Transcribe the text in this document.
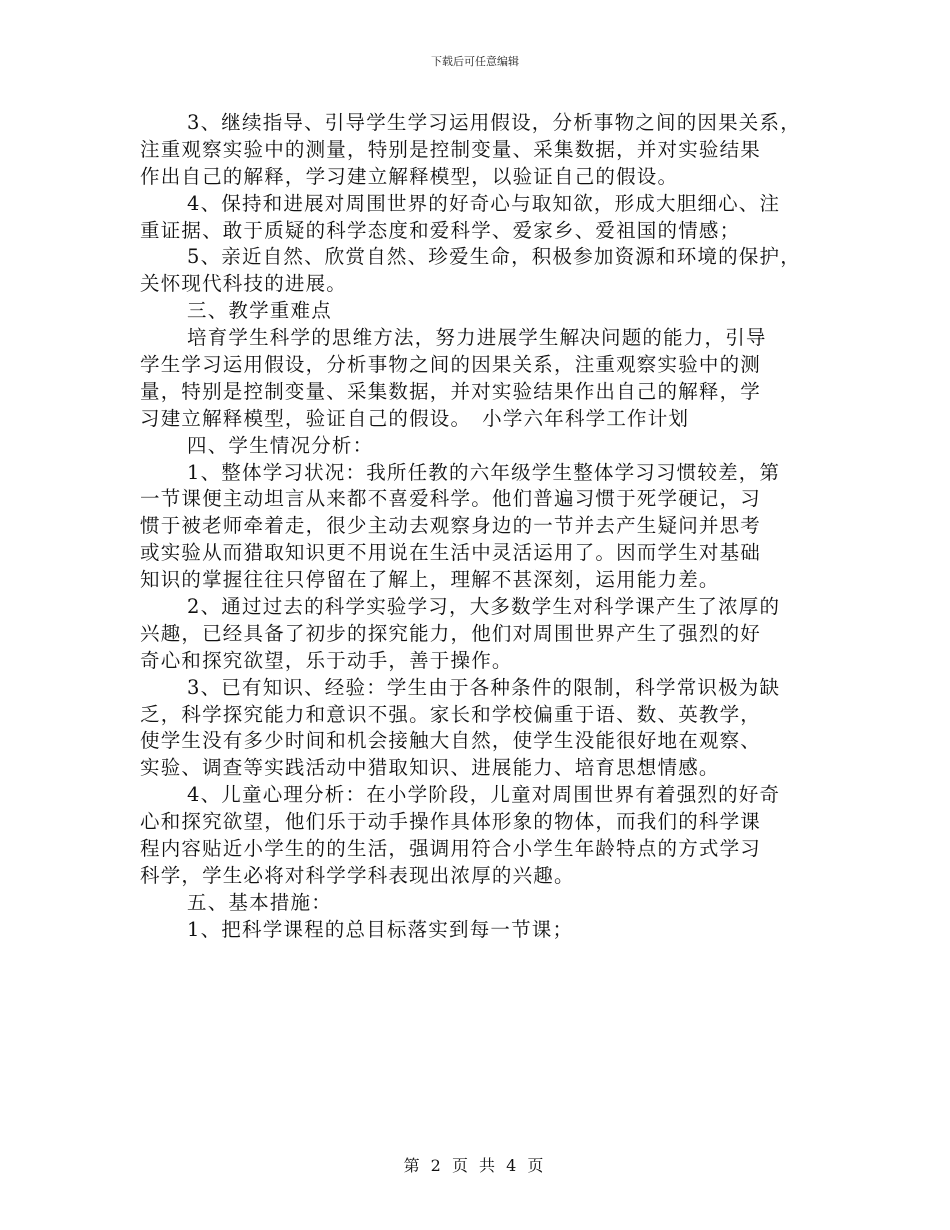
下载后可任意编辑
3、继续指导、引导学生学习运用假设，分析事物之间的因果关系，
注重观察实验中的测量，特别是控制变量、采集数据，并对实验结果
作出自己的解释，学习建立解释模型，以验证自己的假设。
4、保持和进展对周围世界的好奇心与取知欲，形成大胆细心、注
重证据、敢于质疑的科学态度和爱科学、爱家乡、爱祖国的情感；
5、亲近自然、欣赏自然、珍爱生命，积极参加资源和环境的保护，
关怀现代科技的进展。
三、教学重难点
培育学生科学的思维方法，努力进展学生解决问题的能力，引导
学生学习运用假设，分析事物之间的因果关系，注重观察实验中的测
量，特别是控制变量、采集数据，并对实验结果作出自己的解释，学
习建立解释模型，验证自己的假设。　小学六年科学工作计划
四、学生情况分析：
1、整体学习状况：我所任教的六年级学生整体学习习惯较差，第
一节课便主动坦言从来都不喜爱科学。他们普遍习惯于死学硬记，习
惯于被老师牵着走，很少主动去观察身边的一节并去产生疑问并思考
或实验从而猎取知识更不用说在生活中灵活运用了。因而学生对基础
知识的掌握往往只停留在了解上，理解不甚深刻，运用能力差。
2、通过过去的科学实验学习，大多数学生对科学课产生了浓厚的
兴趣，已经具备了初步的探究能力，他们对周围世界产生了强烈的好
奇心和探究欲望，乐于动手，善于操作。
3、已有知识、经验：学生由于各种条件的限制，科学常识极为缺
乏，科学探究能力和意识不强。家长和学校偏重于语、数、英教学，
使学生没有多少时间和机会接触大自然，使学生没能很好地在观察、
实验、调查等实践活动中猎取知识、进展能力、培育思想情感。
4、儿童心理分析：在小学阶段，儿童对周围世界有着强烈的好奇
心和探究欲望，他们乐于动手操作具体形象的物体，而我们的科学课
程内容贴近小学生的的生活，强调用符合小学生年龄特点的方式学习
科学，学生必将对科学学科表现出浓厚的兴趣。
五、基本措施：
1、把科学课程的总目标落实到每一节课；
第 2 页 共 4 页
